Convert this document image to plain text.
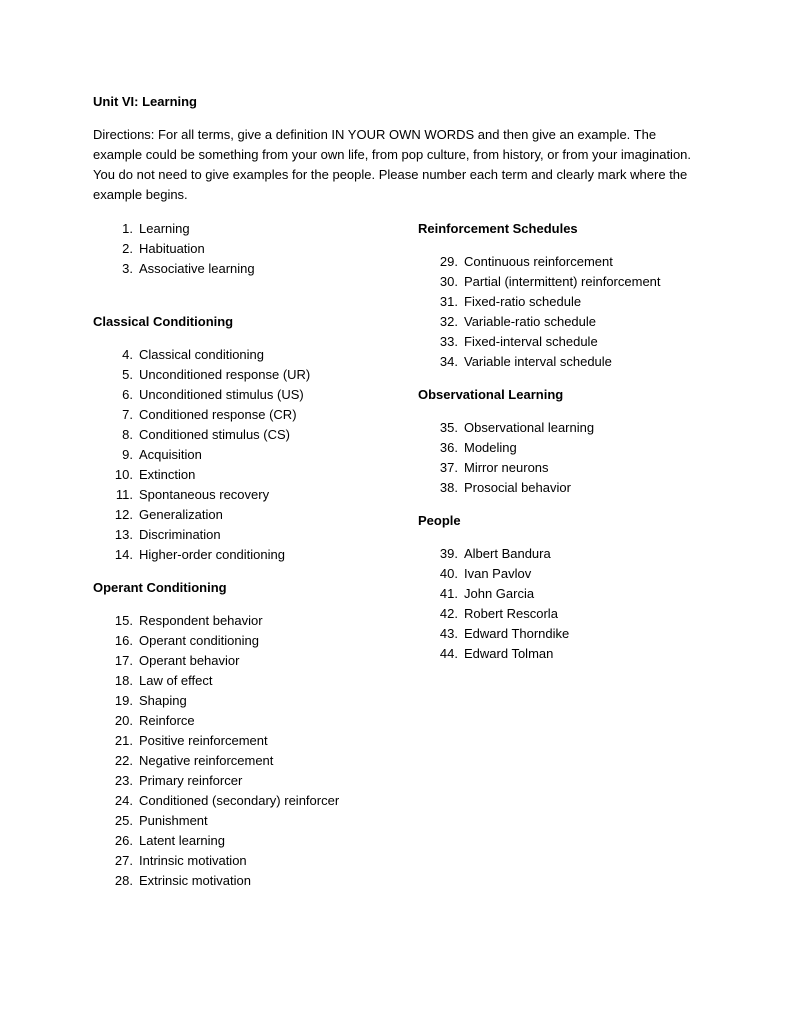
Unit VI: Learning
Directions: For all terms, give a definition IN YOUR OWN WORDS and then give an example. The example could be something from your own life, from pop culture, from history, or from your imagination. You do not need to give examples for the people. Please number each term and clearly mark where the example begins.
1. Learning
2. Habituation
3. Associative learning
Classical Conditioning
4. Classical conditioning
5. Unconditioned response (UR)
6. Unconditioned stimulus (US)
7. Conditioned response (CR)
8. Conditioned stimulus (CS)
9. Acquisition
10. Extinction
11. Spontaneous recovery
12. Generalization
13. Discrimination
14. Higher-order conditioning
Operant Conditioning
15. Respondent behavior
16. Operant conditioning
17. Operant behavior
18. Law of effect
19. Shaping
20. Reinforce
21. Positive reinforcement
22. Negative reinforcement
23. Primary reinforcer
24. Conditioned (secondary) reinforcer
25. Punishment
26. Latent learning
27. Intrinsic motivation
28. Extrinsic motivation
Reinforcement Schedules
29. Continuous reinforcement
30. Partial (intermittent) reinforcement
31. Fixed-ratio schedule
32. Variable-ratio schedule
33. Fixed-interval schedule
34. Variable interval schedule
Observational Learning
35. Observational learning
36. Modeling
37. Mirror neurons
38. Prosocial behavior
People
39. Albert Bandura
40. Ivan Pavlov
41. John Garcia
42. Robert Rescorla
43. Edward Thorndike
44. Edward Tolman
